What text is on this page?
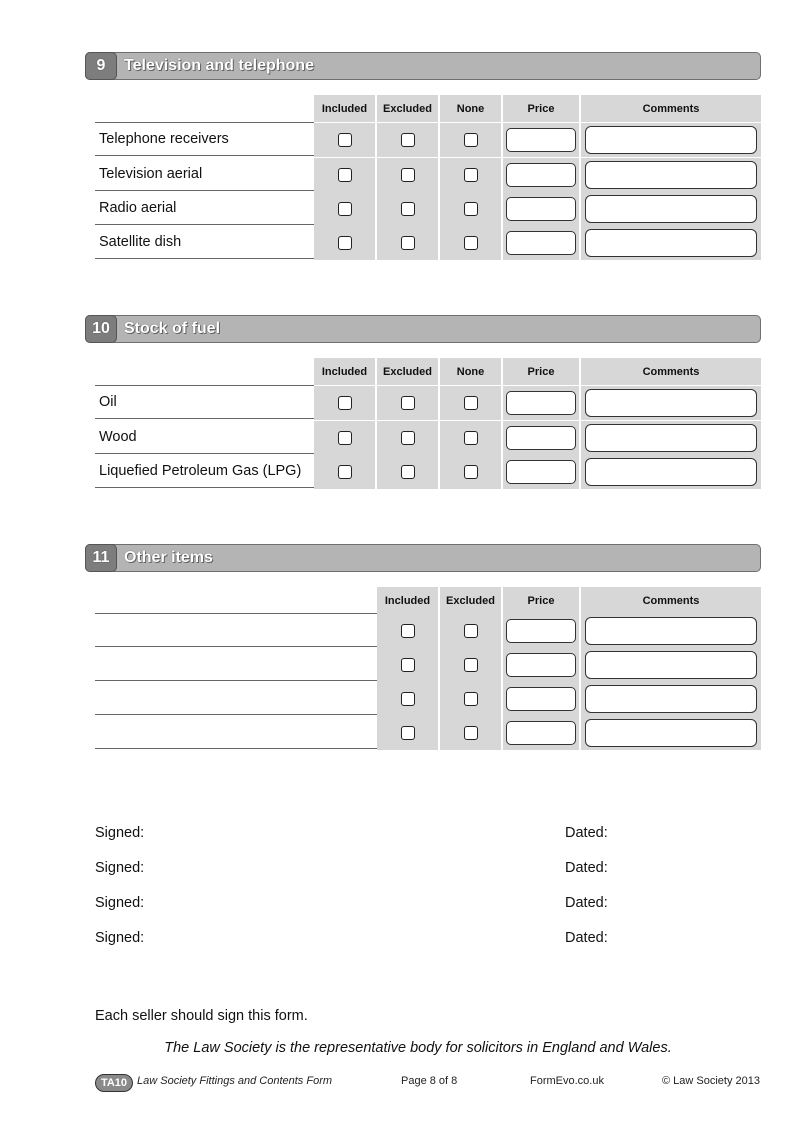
9	Television and telephone
Included	Excluded	None	Price	Comments
Telephone receivers
Television aerial
Radio aerial
Satellite dish
10 Stock of fuel
Included	Excluded	None	Price	Comments
Oil
Wood
Liquefied Petroleum Gas (LPG)
11 Other items
Included	Excluded	Price	Comments
Signed:	Dated:
Signed:	Dated:
Signed:	Dated:
Signed:	Dated:
Each seller should sign this form.
The Law Society is the representative body for solicitors in England and Wales.
TA10 Law Society Fittings and Contents Form	Page 8 of 8	FormEvo.co.uk	© Law Society 2013
